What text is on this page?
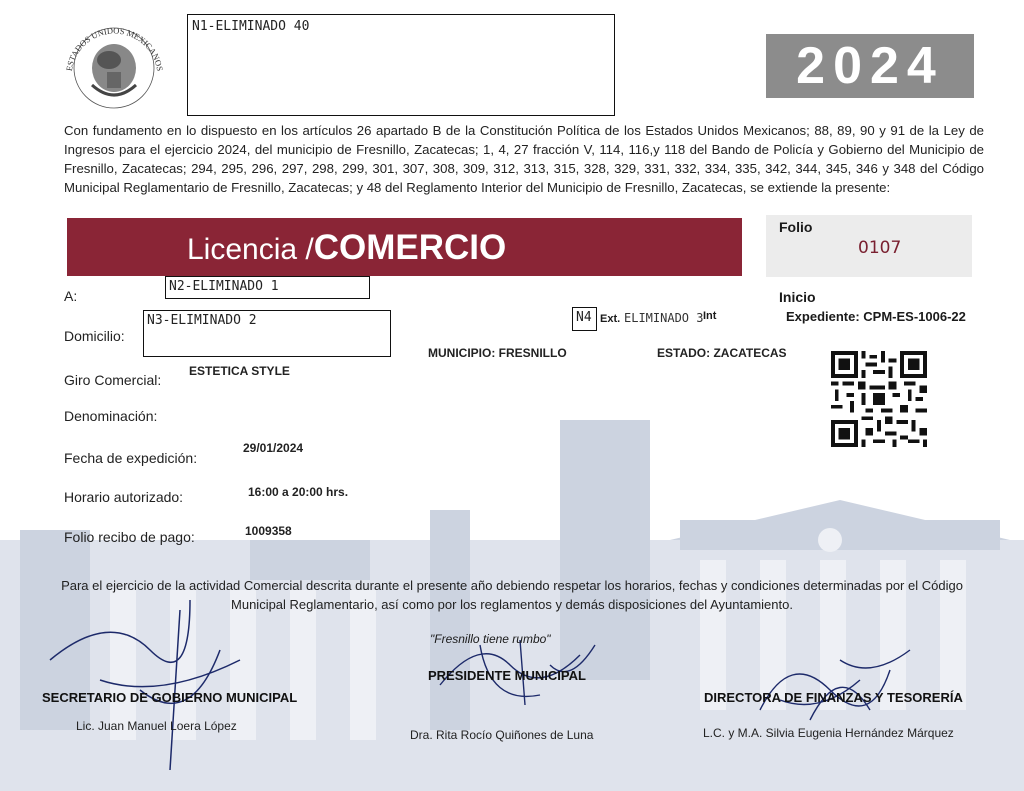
ESTADOS UNIDOS MEXICANOS
N1-ELIMINADO 40
2024
Con fundamento en lo dispuesto en los artículos 26 apartado B de la Constitución Política de los Estados Unidos Mexicanos; 88, 89, 90 y 91 de la Ley de Ingresos para el ejercicio 2024, del municipio de Fresnillo, Zacatecas; 1, 4, 27 fracción V, 114, 116,y 118 del Bando de Policía y Gobierno del Municipio de Fresnillo, Zacatecas; 294, 295, 296, 297, 298, 299, 301, 307, 308, 309, 312, 313, 315, 328, 329, 331, 332, 334, 335, 342, 344, 345, 346 y 348 del Código Municipal Reglamentario de Fresnillo, Zacatecas; y 48 del Reglamento Interior del Municipio de Fresnillo, Zacatecas, se extiende la presente:
Licencia /COMERCIO
Folio
0107
Inicio
Expediente: CPM-ES-1006-22
A:
N2-ELIMINADO 1
Domicilio:
N3-ELIMINADO 2	N4 Ext. ELIMINADO 3 Int
MUNICIPIO: FRESNILLO	ESTADO: ZACATECAS
Giro Comercial:
ESTETICA STYLE
Denominación:
Fecha de expedición:
29/01/2024
Horario autorizado:	16:00 a 20:00 hrs.
Folio recibo de pago:	1009358
Para el ejercicio de la actividad Comercial descrita durante el presente año debiendo respetar los horarios, fechas y condiciones determinadas por el Código Municipal Reglamentario, así como por los reglamentos y demás disposiciones del Ayuntamiento.
"Fresnillo tiene rumbo"
SECRETARIO DE GOBIERNO MUNICIPAL
Lic. Juan Manuel Loera López
PRESIDENTE MUNICIPAL
Dra. Rita Rocío Quiñones de Luna
DIRECTORA DE FINANZAS Y TESORERÍA
L.C. y M.A. Silvia Eugenia Hernández Márquez
